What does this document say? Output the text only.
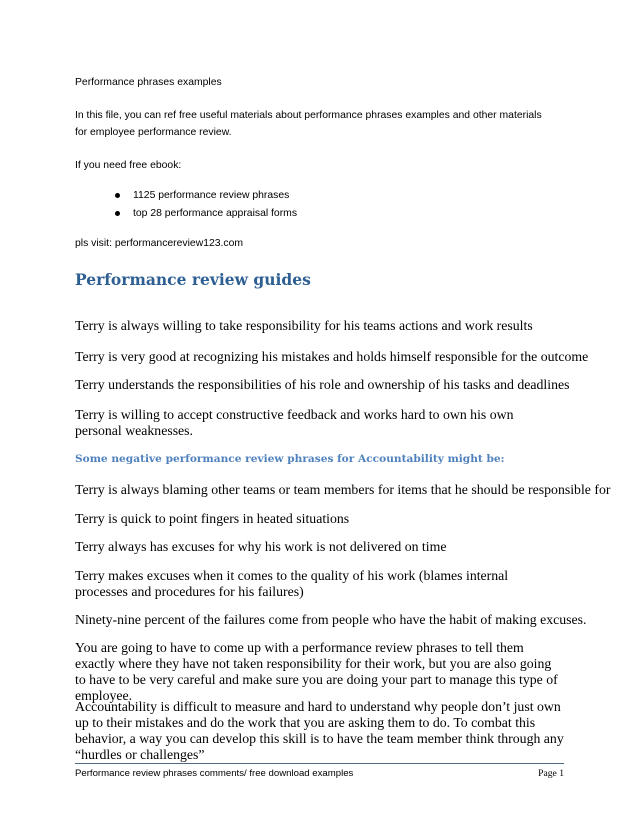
Performance phrases examples

In this file, you can ref free useful materials about performance phrases examples and other materials

for employee performance review.

If you need free ebook:

1125 performance review phrases
top 28 performance appraisal forms

pls visit: performancereview123.com

Performance review guides

Terry is always willing to take responsibility for his teams actions and work results

Terry is very good at recognizing his mistakes and holds himself responsible for the outcome

Terry understands the responsibilities of his role and ownership of his tasks and deadlines

Terry is willing to accept constructive feedback and works hard to own his own personal weaknesses.

Some negative performance review phrases for Accountability might be:

Terry is always blaming other teams or team members for items that he should be responsible for

Terry is quick to point fingers in heated situations

Terry always has excuses for why his work is not delivered on time

Terry makes excuses when it comes to the quality of his work (blames internal processes and procedures for his failures)

Ninety-nine percent of the failures come from people who have the habit of making excuses.

You are going to have to come up with a performance review phrases to tell them exactly where they have not taken responsibility for their work, but you are also going to have to be very careful and make sure you are doing your part to manage this type of employee.

Accountability is difficult to measure and hard to understand why people don’t just own up to their mistakes and do the work that you are asking them to do. To combat this behavior, a way you can develop this skill is to have the team member think through any “hurdles or challenges”

Performance review phrases comments/ free download examples	Page 1
